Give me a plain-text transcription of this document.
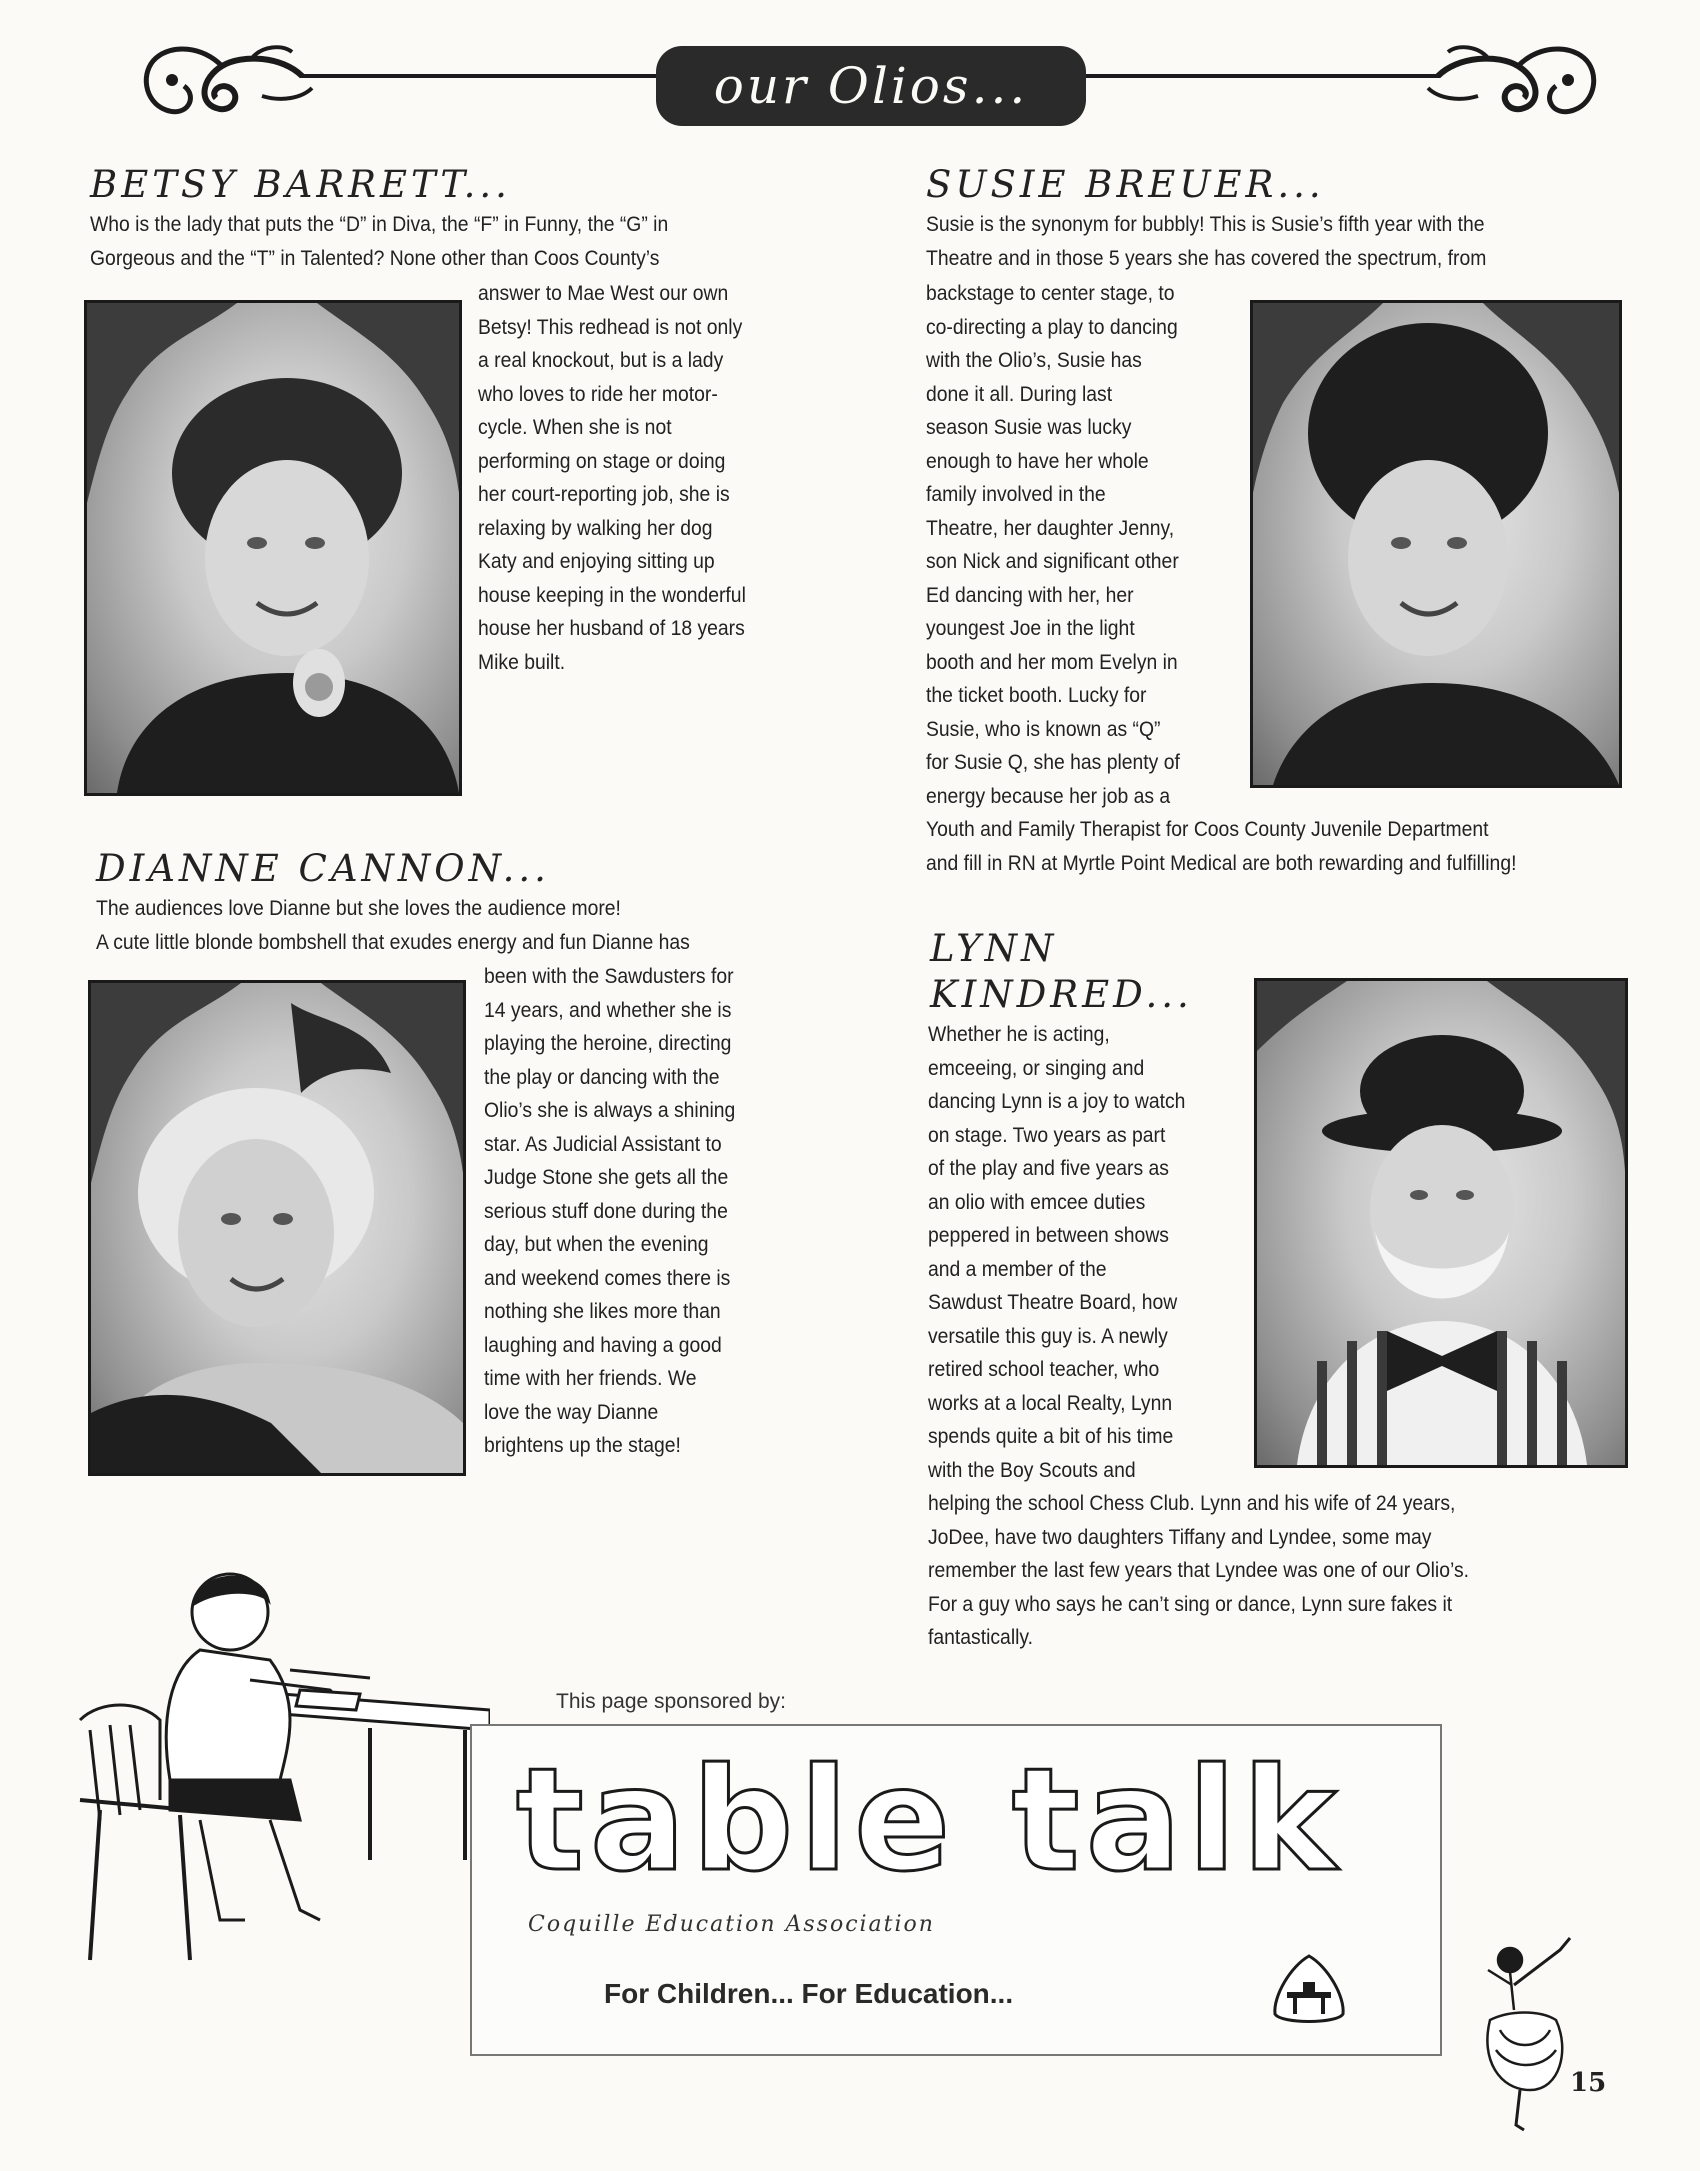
our Olios...
BETSY BARRETT...
Who is the lady that puts the “D” in Diva, the “F” in Funny, the “G” in
Gorgeous and the “T” in Talented? None other than Coos County’s
answer to Mae West our own
Betsy! This redhead is not only
a real knockout, but is a lady
who loves to ride her motor-
cycle. When she is not
performing on stage or doing
her court-reporting job, she is
relaxing by walking her dog
Katy and enjoying sitting up
house keeping in the wonderful
house her husband of 18 years
Mike built.
SUSIE BREUER...
Susie is the synonym for bubbly! This is Susie’s fifth year with the
Theatre and in those 5 years she has covered the spectrum, from
backstage to center stage, to
co-directing a play to dancing
with the Olio’s, Susie has
done it all. During last
season Susie was lucky
enough to have her whole
family involved in the
Theatre, her daughter Jenny,
son Nick and significant other
Ed dancing with her, her
youngest Joe in the light
booth and her mom Evelyn in
the ticket booth. Lucky for
Susie, who is known as “Q”
for Susie Q, she has plenty of
energy because her job as a
Youth and Family Therapist for Coos County Juvenile Department
and fill in RN at Myrtle Point Medical are both rewarding and fulfilling!
DIANNE CANNON...
The audiences love Dianne but she loves the audience more!
A cute little blonde bombshell that exudes energy and fun Dianne has
been with the Sawdusters for
14 years, and whether she is
playing the heroine, directing
the play or dancing with the
Olio’s she is always a shining
star. As Judicial Assistant to
Judge Stone she gets all the
serious stuff done during the
day, but when the evening
and weekend comes there is
nothing she likes more than
laughing and having a good
time with her friends. We
love the way Dianne
brightens up the stage!
LYNN
KINDRED...
Whether he is acting,
emceeing, or singing and
dancing Lynn is a joy to watch
on stage. Two years as part
of the play and five years as
an olio with emcee duties
peppered in between shows
and a member of the
Sawdust Theatre Board, how
versatile this guy is. A newly
retired school teacher, who
works at a local Realty, Lynn
spends quite a bit of his time
with the Boy Scouts and
helping the school Chess Club. Lynn and his wife of 24 years,
JoDee, have two daughters Tiffany and Lyndee, some may
remember the last few years that Lyndee was one of our Olio’s.
For a guy who says he can’t sing or dance, Lynn sure fakes it
fantastically.
This page sponsored by:
table talk
Coquille Education Association
For Children... For Education...
15
